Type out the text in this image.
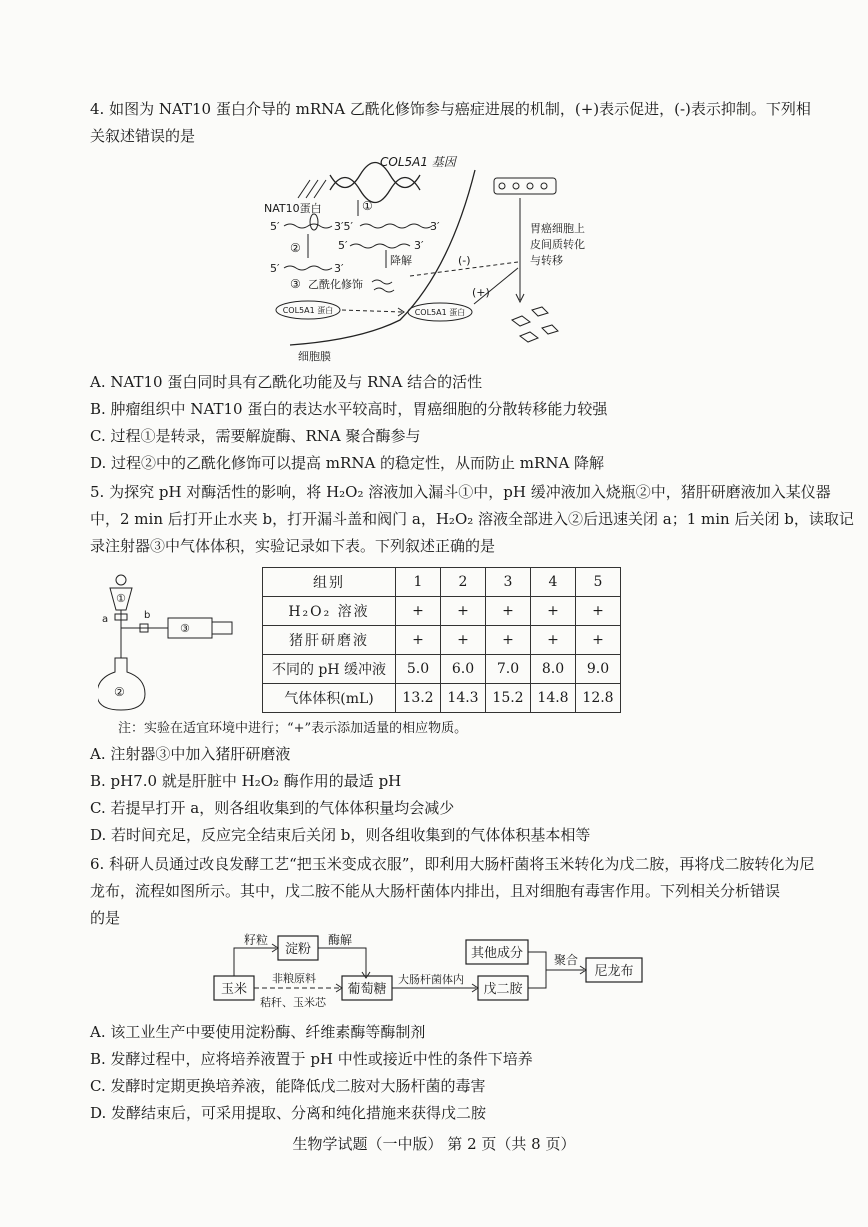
4. 如图为 NAT10 蛋白介导的 mRNA 乙酰化修饰参与癌症进展的机制，(+)表示促进，(-)表示抑制。下列相
关叙述错误的是
COL5A1 基因
NAT10蛋白	①
5′	3′5′	3′
②	5′	3′
降解
5′	3′
③ 乙酰化修饰
细胞膜
COL5A1 蛋白	COL5A1 蛋白
(+)
(-)
胃癌细胞上
皮间质转化
与转移
A. NAT10 蛋白同时具有乙酰化功能及与 RNA 结合的活性
B. 肿瘤组织中 NAT10 蛋白的表达水平较高时，胃癌细胞的分散转移能力较强
C. 过程①是转录，需要解旋酶、RNA 聚合酶参与
D. 过程②中的乙酰化修饰可以提高 mRNA 的稳定性，从而防止 mRNA 降解
5. 为探究 pH 对酶活性的影响，将 H₂O₂ 溶液加入漏斗①中，pH 缓冲液加入烧瓶②中，猪肝研磨液加入某仪器
中，2 min 后打开止水夹 b，打开漏斗盖和阀门 a，H₂O₂ 溶液全部进入②后迅速关闭 a；1 min 后关闭 b，读取记
录注射器③中气体体积，实验记录如下表。下列叙述正确的是
①
a	b
③
②
组别	1	2	3	4	5
H₂O₂ 溶液	+	+	+	+	+
猪肝研磨液	+	+	+	+	+
不同的 pH 缓冲液	5.0	6.0	7.0	8.0	9.0
气体体积(mL)	13.2	14.3	15.2	14.8	12.8
注：实验在适宜环境中进行；“+”表示添加适量的相应物质。
A. 注射器③中加入猪肝研磨液
B. pH7.0 就是肝脏中 H₂O₂ 酶作用的最适 pH
C. 若提早打开 a，则各组收集到的气体体积量均会减少
D. 若时间充足，反应完全结束后关闭 b，则各组收集到的气体体积基本相等
6. 科研人员通过改良发酵工艺“把玉米变成衣服”，即利用大肠杆菌将玉米转化为戊二胺，再将戊二胺转化为尼
龙布，流程如图所示。其中，戊二胺不能从大肠杆菌体内排出，且对细胞有毒害作用。下列相关分析错误
的是
玉米
籽粒
淀粉
酶解
非粮原料
秸秆、玉米芯
葡萄糖
大肠杆菌体内
戊二胺
其他成分	聚合
尼龙布
A. 该工业生产中要使用淀粉酶、纤维素酶等酶制剂
B. 发酵过程中，应将培养液置于 pH 中性或接近中性的条件下培养
C. 发酵时定期更换培养液，能降低戊二胺对大肠杆菌的毒害
D. 发酵结束后，可采用提取、分离和纯化措施来获得戊二胺
生物学试题（一中版） 第 2 页（共 8 页）
